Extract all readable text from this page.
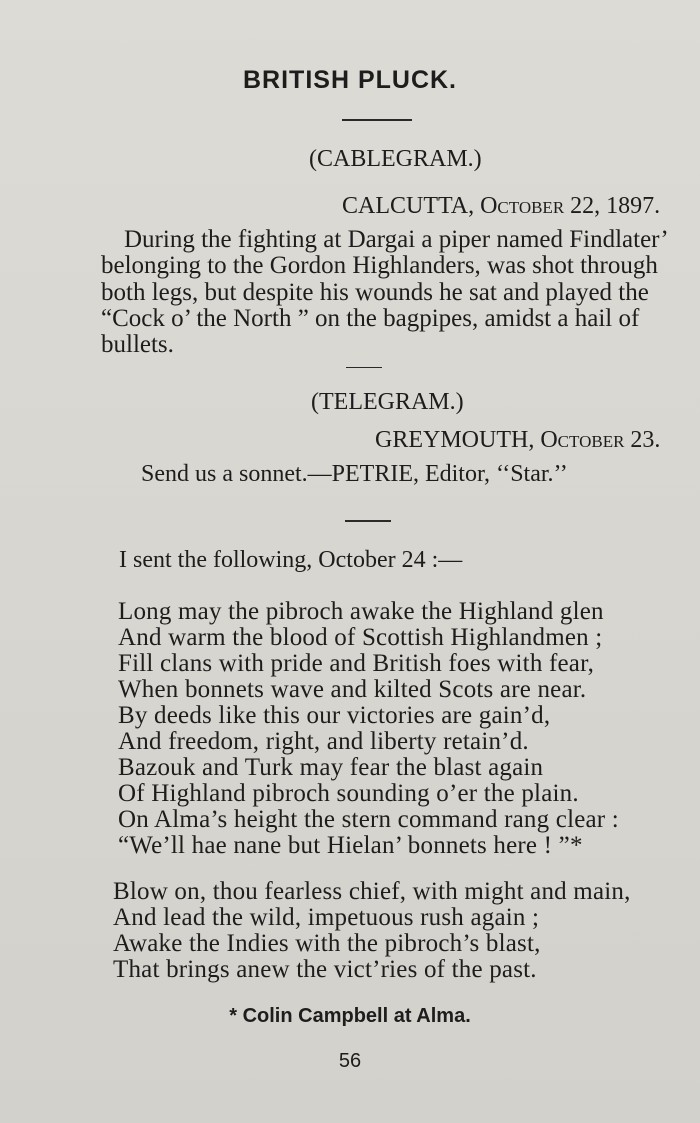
BRITISH PLUCK.
(CABLEGRAM.)
CALCUTTA, October 22, 1897.
During the fighting at Dargai a piper named Findlater’
belonging to the Gordon Highlanders, was shot through
both legs, but despite his wounds he sat and played the
“Cock o’ the North ” on the bagpipes, amidst a hail of
bullets.
(TELEGRAM.)
GREYMOUTH, October 23.
Send us a sonnet.—PETRIE, Editor, ‘‘Star.’’
I sent the following, October 24 :—
Long may the pibroch awake the Highland glen
And warm the blood of Scottish Highlandmen ;
Fill clans with pride and British foes with fear,
When bonnets wave and kilted Scots are near.
By deeds like this our victories are gain’d,
And freedom, right, and liberty retain’d.
Bazouk and Turk may fear the blast again
Of Highland pibroch sounding o’er the plain.
On Alma’s height the stern command rang clear :
“We’ll hae nane but Hielan’ bonnets here ! ”*
Blow on, thou fearless chief, with might and main,
And lead the wild, impetuous rush again ;
Awake the Indies with the pibroch’s blast,
That brings anew the vict’ries of the past.
* Colin Campbell at Alma.
56
